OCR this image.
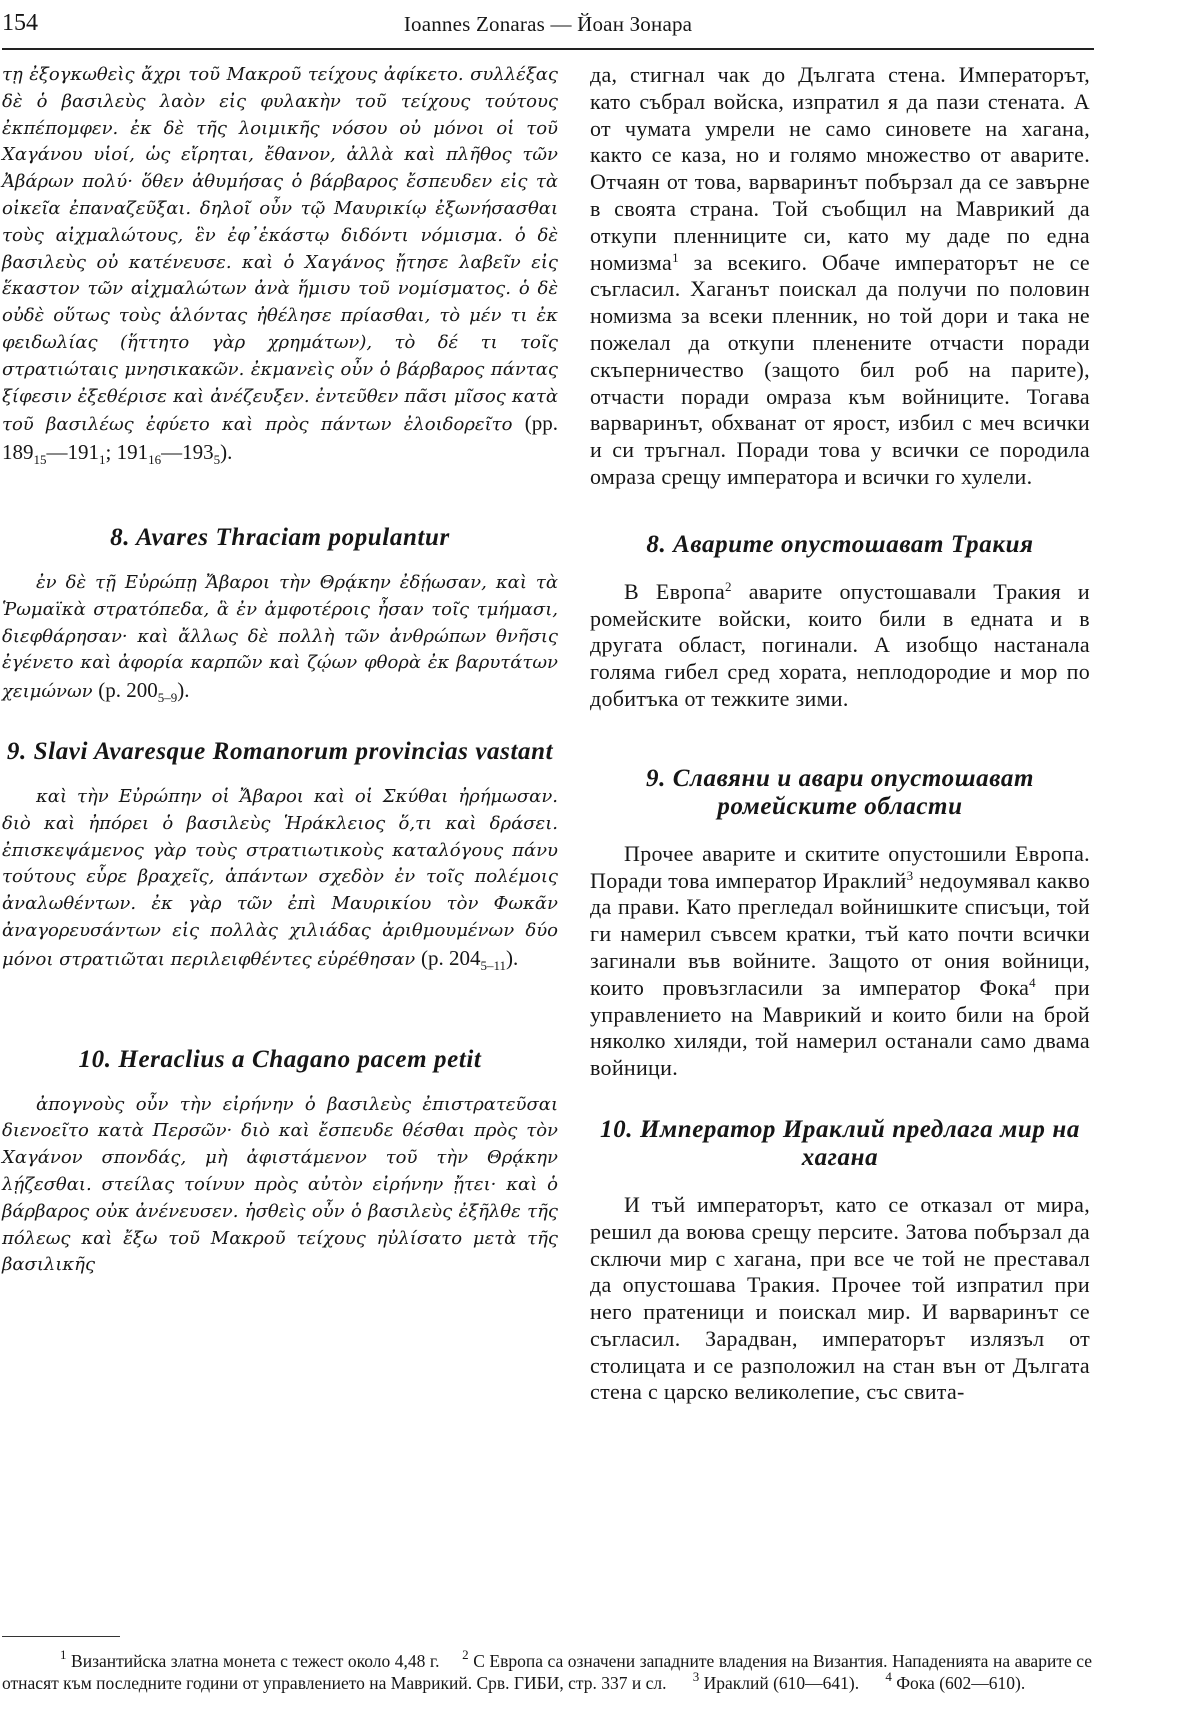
154	Ioannes Zonaras — Йоан Зонара

τῃ ἐξογκωθεὶς ἄχρι τοῦ Μακροῦ τείχους ἀφίκετο. συλλέξας δὲ ὁ βασιλεὺς λαὸν εἰς φυλακὴν τοῦ τείχους τούτους ἐκπέπομφεν. ἐκ δὲ τῆς λοιμικῆς νόσου οὐ μόνοι οἱ τοῦ Χαγάνου υἱοί, ὡς εἴρηται, ἔθανον, ἀλλὰ καὶ πλῆθος τῶν Ἀβάρων πολύ· ὅθεν ἀθυμήσας ὁ βάρβαρος ἔσπευδεν εἰς τὰ οἰκεῖα ἐπαναζεῦξαι. δηλοῖ οὖν τῷ Μαυρικίῳ ἐξωνήσασθαι τοὺς αἰχμαλώτους, ἓν ἐφ᾽ἑκάστῳ διδόντι νόμισμα. ὁ δὲ βασιλεὺς οὐ κατένευσε. καὶ ὁ Χαγάνος ᾔτησε λαβεῖν εἰς ἕκαστον τῶν αἰχμαλώτων ἀνὰ ἥμισυ τοῦ νομίσματος. ὁ δὲ οὐδὲ οὕτως τοὺς ἁλόντας ἠθέλησε πρίασθαι, τὸ μέν τι ἐκ φειδωλίας (ἥττητο γὰρ χρημάτων), τὸ δέ τι τοῖς στρατιώταις μνησικακῶν. ἐκμανεὶς οὖν ὁ βάρβαρος πάντας ξίφεσιν ἐξεθέρισε καὶ ἀνέζευξεν. ἐντεῦθεν πᾶσι μῖσος κατὰ τοῦ βασιλέως ἐφύετο καὶ πρὸς πάντων ἐλοιδορεῖτο (pp. $189_{15}—191_1$; $191_{16}—193_5$).

8. Avares Thraciam populantur

ἐν δὲ τῇ Εὐρώπῃ Ἄβαροι τὴν Θρᾴκην ἐδῄωσαν, καὶ τὰ Ῥωμαϊκὰ στρατόπεδα, ἃ ἐν ἀμφοτέροις ἦσαν τοῖς τμήμασι, διεφθάρησαν· καὶ ἄλλως δὲ πολλὴ τῶν ἀνθρώπων θνῆσις ἐγένετο καὶ ἀφορία καρπῶν καὶ ζῴων φθορὰ ἐκ βαρυτάτων χειμώνων (p. $200_{5-9}$).

9. Slavi Avaresque Romanorum provincias vastant

καὶ τὴν Εὐρώπην οἱ Ἄβαροι καὶ οἱ Σκύθαι ἠρήμωσαν. διὸ καὶ ἠπόρει ὁ βασιλεὺς Ἡράκλειος ὅ,τι καὶ δράσει. ἐπισκεψάμενος γὰρ τοὺς στρατιωτικοὺς καταλόγους πάνυ τούτους εὗρε βραχεῖς, ἁπάντων σχεδὸν ἐν τοῖς πολέμοις ἀναλωθέντων. ἐκ γὰρ τῶν ἐπὶ Μαυρικίου τὸν Φωκᾶν ἀναγορευσάντων εἰς πολλὰς χιλιάδας ἀριθμουμένων δύο μόνοι στρατιῶται περιλειφθέντες εὑρέθησαν (p. $204_{5-11}$).

10. Heraclius a Chagano pacem petit

ἀπογνοὺς οὖν τὴν εἰρήνην ὁ βασιλεὺς ἐπιστρατεῦσαι διενοεῖτο κατὰ Περσῶν· διὸ καὶ ἔσπευδε θέσθαι πρὸς τὸν Χαγάνον σπονδάς, μὴ ἀφιστάμενον τοῦ τὴν Θρᾴκην λῄζεσθαι. στείλας τοίνυν πρὸς αὐτὸν εἰρήνην ᾔτει· καὶ ὁ βάρβαρος οὐκ ἀνένευσεν. ἡσθεὶς οὖν ὁ βασιλεὺς ἐξῆλθε τῆς πόλεως καὶ ἔξω τοῦ Μακροῦ τείχους ηὐλίσατο μετὰ τῆς βασιλικῆς

да, стигнал чак до Дългата стена. Императорът, като събрал войска, изпратил я да пази стената. А от чумата умрели не само синовете на хагана, както се каза, но и голямо множество от аварите. Отчаян от това, варваринът побързал да се завърне в своята страна. Той съобщил на Маврикий да откупи пленниците си, като му даде по една номизма$^1$ за всекиго. Обаче императорът не се съгласил. Хаганът поискал да получи по половин номизма за всеки пленник, но той дори и така не пожелал да откупи пленените отчасти поради скъперничество (защото бил роб на парите), отчасти поради омраза към войниците. Тогава варваринът, обхванат от ярост, избил с меч всички и си тръгнал. Поради това у всички се породила омраза срещу императора и всички го хулели.

8. Аварите опустошават Тракия

В Европа$^2$ аварите опустошавали Тракия и ромейските войски, които били в едната и в другата област, погинали. А изобщо настанала голяма гибел сред хората, неплодородие и мор по добитъка от тежките зими.

9. Славяни и авари опустошават ромейските области

Прочее аварите и скитите опустошили Европа. Поради това император Ираклий$^3$ недоумявал какво да прави. Като прегледал войнишките списъци, той ги намерил съвсем кратки, тъй като почти всички загинали във войните. Защото от ония войници, които провъзгласили за император Фока$^4$ при управлението на Маврикий и които били на брой няколко хиляди, той намерил останали само двама войници.

10. Император Ираклий предлага мир на хагана

И тъй императорът, като се отказал от мира, решил да воюва срещу персите. Затова побързал да сключи мир с хагана, при все че той не преставал да опустошава Тракия. Прочее той изпратил при него пратеници и поискал мир. И варваринът се съгласил. Зарадван, императорът излязъл от столицата и се разположил на стан вън от Дългата стена с царско великолепие, със свита-

$^1$ Византийска златна монета с тежест около 4,48 г. $^2$ С Европа са означени западните владения на Византия. Нападенията на аварите се отнасят към последните години от управлението на Маврикий. Срв. ГИБИ, стр. 337 и сл. $^3$ Ираклий (610—641). $^4$ Фока (602—610).
